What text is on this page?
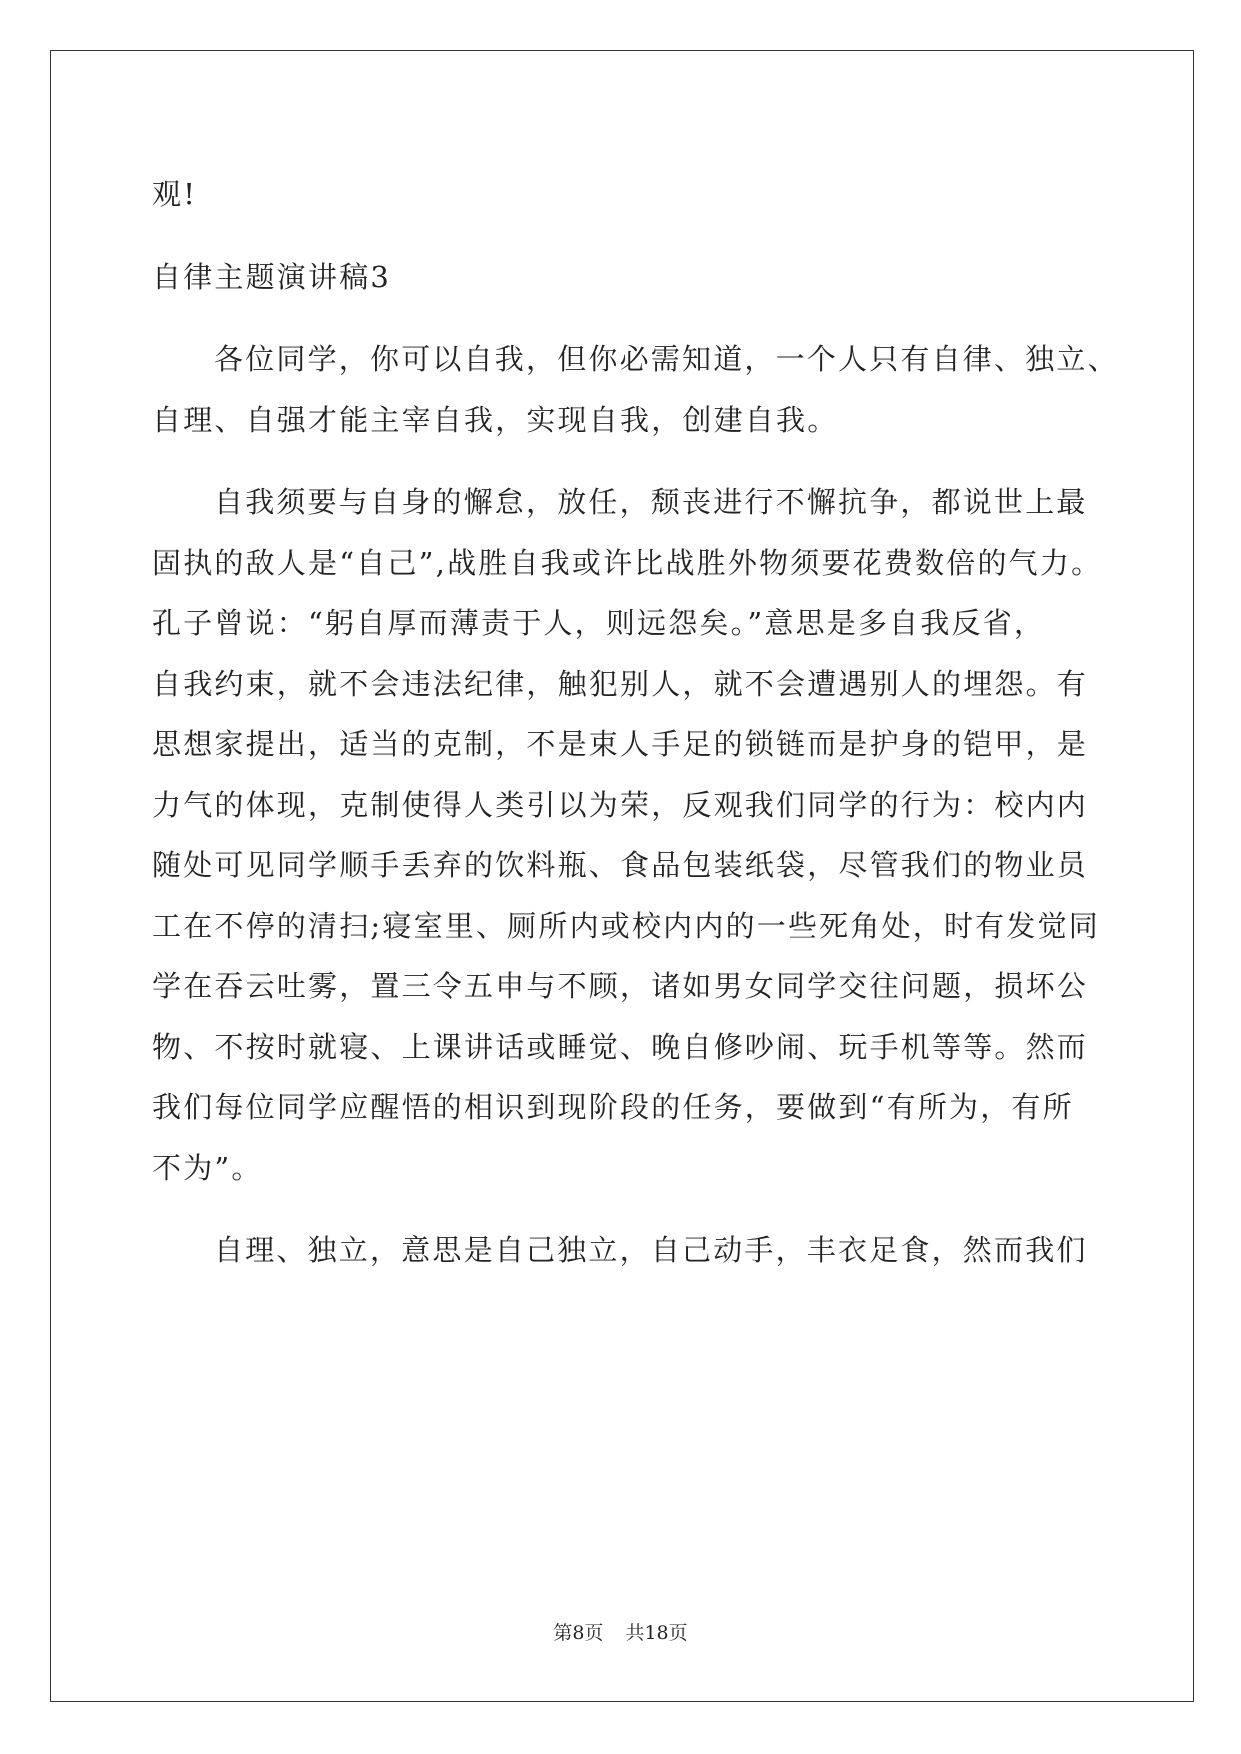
观!
自律主题演讲稿3
各位同学，你可以自我，但你必需知道，一个人只有自律、独立、
自理、自强才能主宰自我，实现自我，创建自我。
自我须要与自身的懈怠，放任，颓丧进行不懈抗争，都说世上最
固执的敌人是“自己”,战胜自我或许比战胜外物须要花费数倍的气力。
孔子曾说：“躬自厚而薄责于人，则远怨矣。”意思是多自我反省，
自我约束，就不会违法纪律，触犯别人，就不会遭遇别人的埋怨。有
思想家提出，适当的克制，不是束人手足的锁链而是护身的铠甲，是
力气的体现，克制使得人类引以为荣，反观我们同学的行为：校内内
随处可见同学顺手丢弃的饮料瓶、食品包装纸袋，尽管我们的物业员
工在不停的清扫;寝室里、厕所内或校内内的一些死角处，时有发觉同
学在吞云吐雾，置三令五申与不顾，诸如男女同学交往问题，损坏公
物、不按时就寝、上课讲话或睡觉、晚自修吵闹、玩手机等等。然而
我们每位同学应醒悟的相识到现阶段的任务，要做到“有所为，有所
不为”。
自理、独立，意思是自己独立，自己动手，丰衣足食，然而我们
第8页 共18页
